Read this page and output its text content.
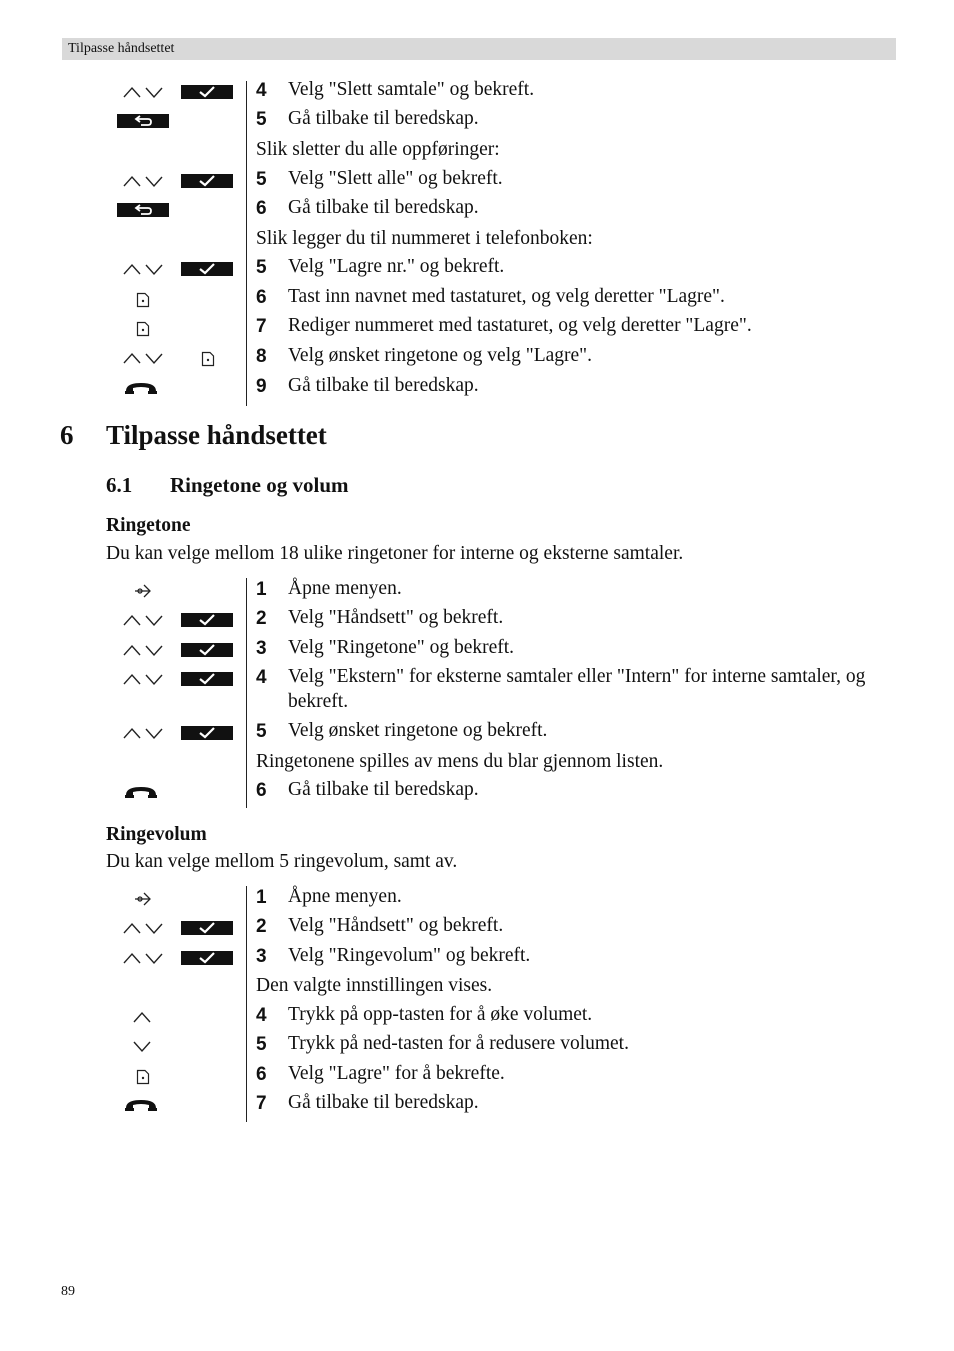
Tilpasse håndsettet
4 Velg "Slett samtale" og bekreft.
5 Gå tilbake til beredskap.
Slik sletter du alle oppføringer:
5 Velg "Slett alle" og bekreft.
6 Gå tilbake til beredskap.
Slik legger du til nummeret i telefonboken:
5 Velg "Lagre nr." og bekreft.
6 Tast inn navnet med tastaturet, og velg deretter "Lagre".
7 Rediger nummeret med tastaturet, og velg deretter "Lagre".
8 Velg ønsket ringetone og velg "Lagre".
9 Gå tilbake til beredskap.
6 Tilpasse håndsettet
6.1 Ringetone og volum
Ringetone
Du kan velge mellom 18 ulike ringetoner for interne og eksterne samtaler.
1 Åpne menyen.
2 Velg "Håndsett" og bekreft.
3 Velg "Ringetone" og bekreft.
4 Velg "Ekstern" for eksterne samtaler eller "Intern" for interne samtaler, og bekreft.
5 Velg ønsket ringetone og bekreft.
Ringetonene spilles av mens du blar gjennom listen.
6 Gå tilbake til beredskap.
Ringevolum
Du kan velge mellom 5 ringevolum, samt av.
1 Åpne menyen.
2 Velg "Håndsett" og bekreft.
3 Velg "Ringevolum" og bekreft.
Den valgte innstillingen vises.
4 Trykk på opp-tasten for å øke volumet.
5 Trykk på ned-tasten for å redusere volumet.
6 Velg "Lagre" for å bekrefte.
7 Gå tilbake til beredskap.
89
